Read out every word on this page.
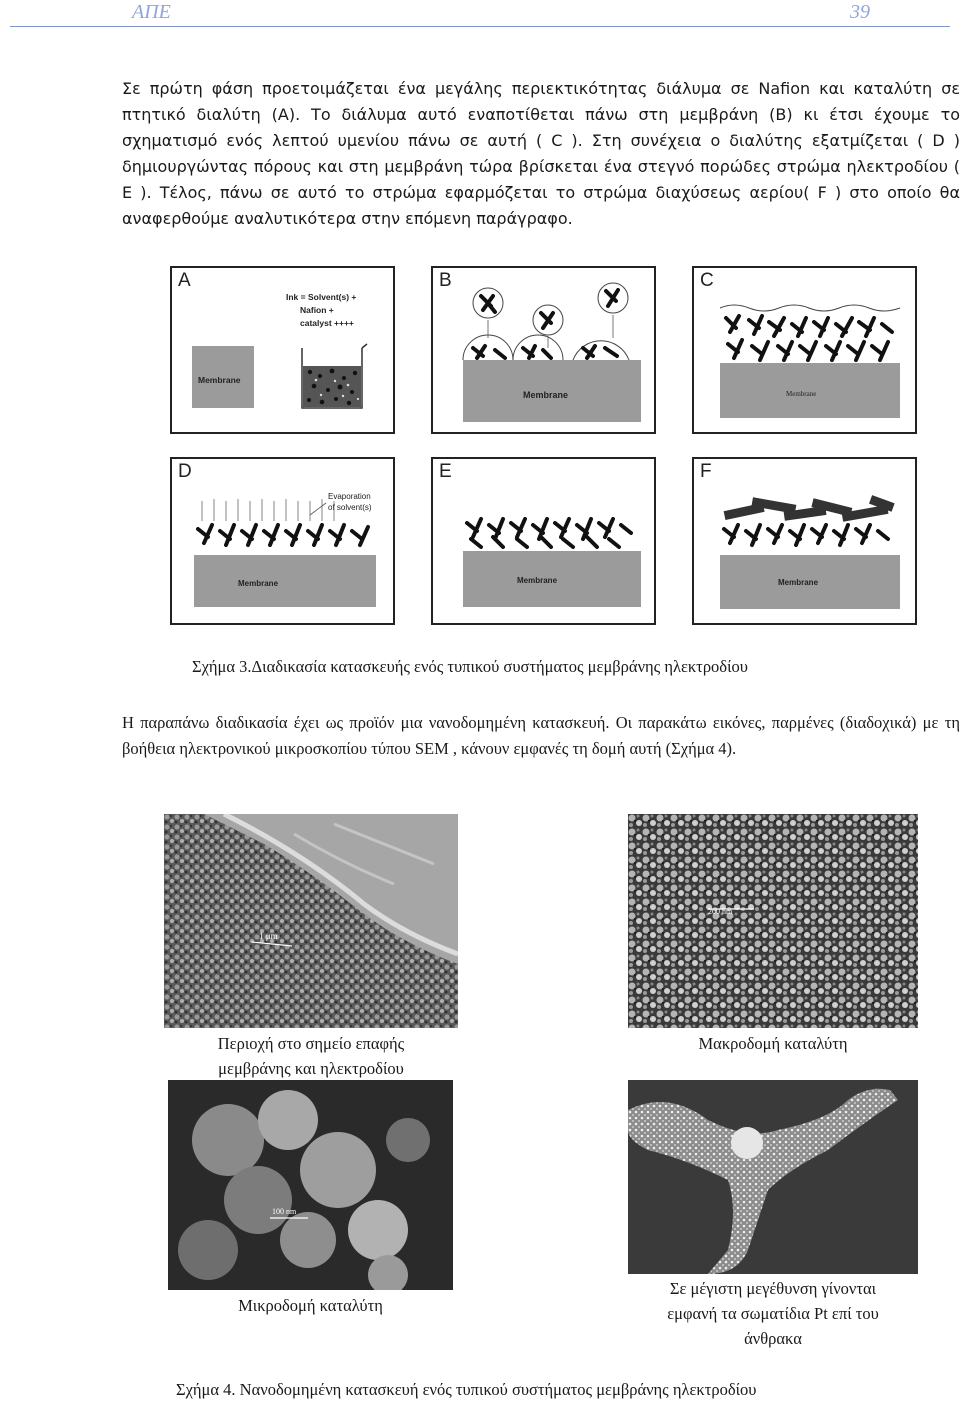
ΑΠΕ	39
Σε πρώτη φάση προετοιμάζεται ένα μεγάλης περιεκτικότητας διάλυμα σε Nafion και καταλύτη σε πτητικό διαλύτη (A). Το διάλυμα αυτό εναποτίθεται πάνω στη μεμβράνη (B) κι έτσι έχουμε το σχηματισμό ενός λεπτού υμενίου πάνω σε αυτή ( C ). Στη συνέχεια ο διαλύτης εξατμίζεται ( D ) δημιουργώντας πόρους και στη μεμβράνη τώρα βρίσκεται ένα στεγνό πορώδες στρώμα ηλεκτροδίου ( E ). Τέλος, πάνω σε αυτό το στρώμα εφαρμόζεται το στρώμα διαχύσεως αερίου( F ) στο οποίο θα αναφερθούμε αναλυτικότερα στην επόμενη παράγραφο.
Membrane
Ink = Solvent(s) +
Nafion +
catalyst ++++
A
Membrane
B
Membrane
C
Membrane
Evaporation
of solvent(s)
D
Membrane
E
Membrane
F
Σχήμα 3.Διαδικασία κατασκευής ενός τυπικού συστήματος μεμβράνης ηλεκτροδίου
Η παραπάνω διαδικασία έχει ως προϊόν μια νανοδομημένη κατασκευή. Οι παρακάτω εικόνες, παρμένες (διαδοχικά) με τη βοήθεια ηλεκτρονικού μικροσκοπίου τύπου SEM , κάνουν εμφανές τη δομή αυτή (Σχήμα 4).
1 μm
200 nm
Περιοχή στο σημείο επαφής
μεμβράνης και ηλεκτροδίου
Μακροδομή καταλύτη
100 nm
Μικροδομή καταλύτη
Σε μέγιστη μεγέθυνση γίνονται
εμφανή τα σωματίδια Pt επί του
άνθρακα
Σχήμα 4. Νανοδομημένη κατασκευή ενός τυπικού συστήματος μεμβράνης ηλεκτροδίου
